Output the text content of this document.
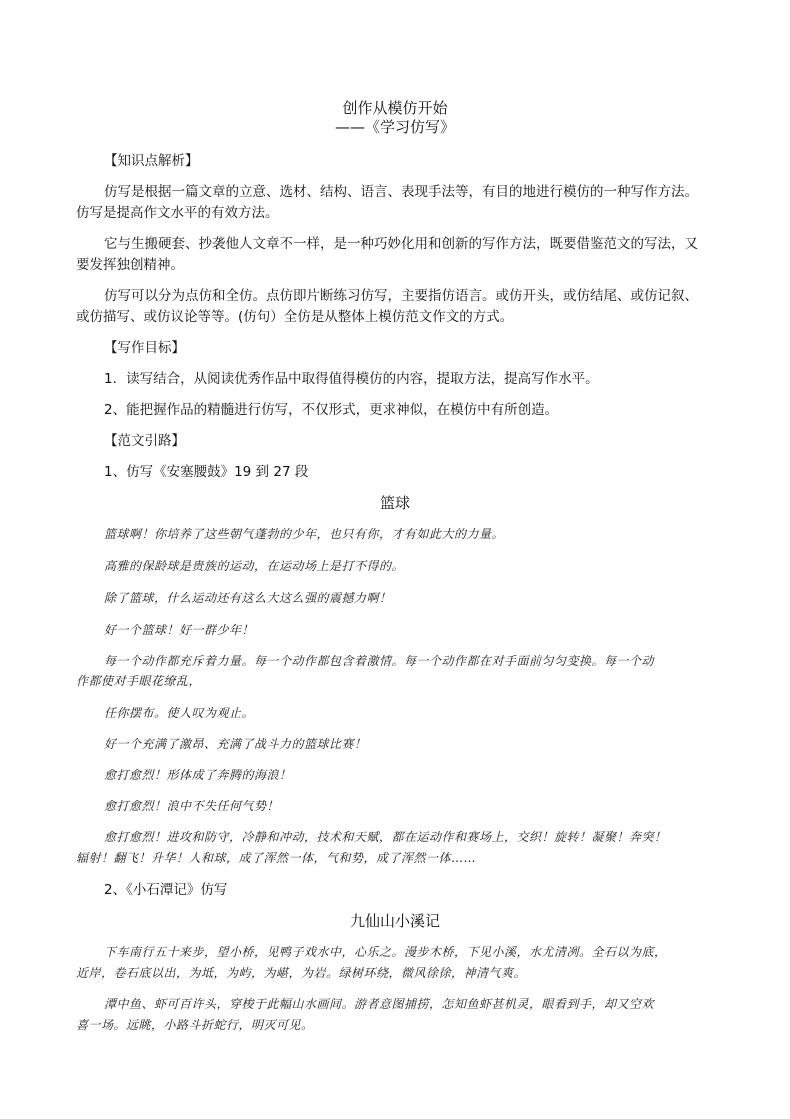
创作从模仿开始
——《学习仿写》
【知识点解析】
仿写是根据一篇文章的立意、选材、结构、语言、表现手法等，有目的地进行模仿的一种写作方法。
仿写是提高作文水平的有效方法。
它与生搬硬套、抄袭他人文章不一样，是一种巧妙化用和创新的写作方法，既要借鉴范文的写法，又
要发挥独创精神。
仿写可以分为点仿和全仿。点仿即片断练习仿写，主要指仿语言。或仿开头，或仿结尾、或仿记叙、
或仿描写、或仿议论等等。(仿句）全仿是从整体上模仿范文作文的方式。
【写作目标】
1．读写结合，从阅读优秀作品中取得值得模仿的内容，提取方法，提高写作水平。
2、能把握作品的精髓进行仿写，不仅形式，更求神似，在模仿中有所创造。
【范文引路】
1、仿写《安塞腰鼓》19 到 27 段
篮球
篮球啊！你培养了这些朝气蓬勃的少年，也只有你，才有如此大的力量。
高雅的保龄球是贵族的运动，在运动场上是打不得的。
除了篮球，什么运动还有这么大这么强的震撼力啊！
好一个篮球！好一群少年！
每一个动作都充斥着力量。每一个动作都包含着激情。每一个动作都在对手面前匀匀变换。每一个动
作都使对手眼花缭乱，
任你摆布。使人叹为观止。
好一个充满了激昂、充满了战斗力的篮球比赛！
愈打愈烈！形体成了奔腾的海浪！
愈打愈烈！浪中不失任何气势！
愈打愈烈！进攻和防守，冷静和冲动，技术和天赋，都在运动作和赛场上，交织！旋转！凝聚！奔突！
辐射！翻飞！升华！人和球，成了浑然一体，气和势，成了浑然一体……
2、《小石潭记》仿写
九仙山小溪记
下车南行五十来步，望小桥，见鸭子戏水中，心乐之。漫步木桥，下见小溪，水尤清冽。全石以为底，
近岸，卷石底以出，为坻，为屿，为嵁，为岩。绿树环绕，微风徐徐，神清气爽。
潭中鱼、虾可百许头，穿梭于此幅山水画间。游者意图捕捞，怎知鱼虾甚机灵，眼看到手，却又空欢
喜一场。远眺，小路斗折蛇行，明灭可见。
